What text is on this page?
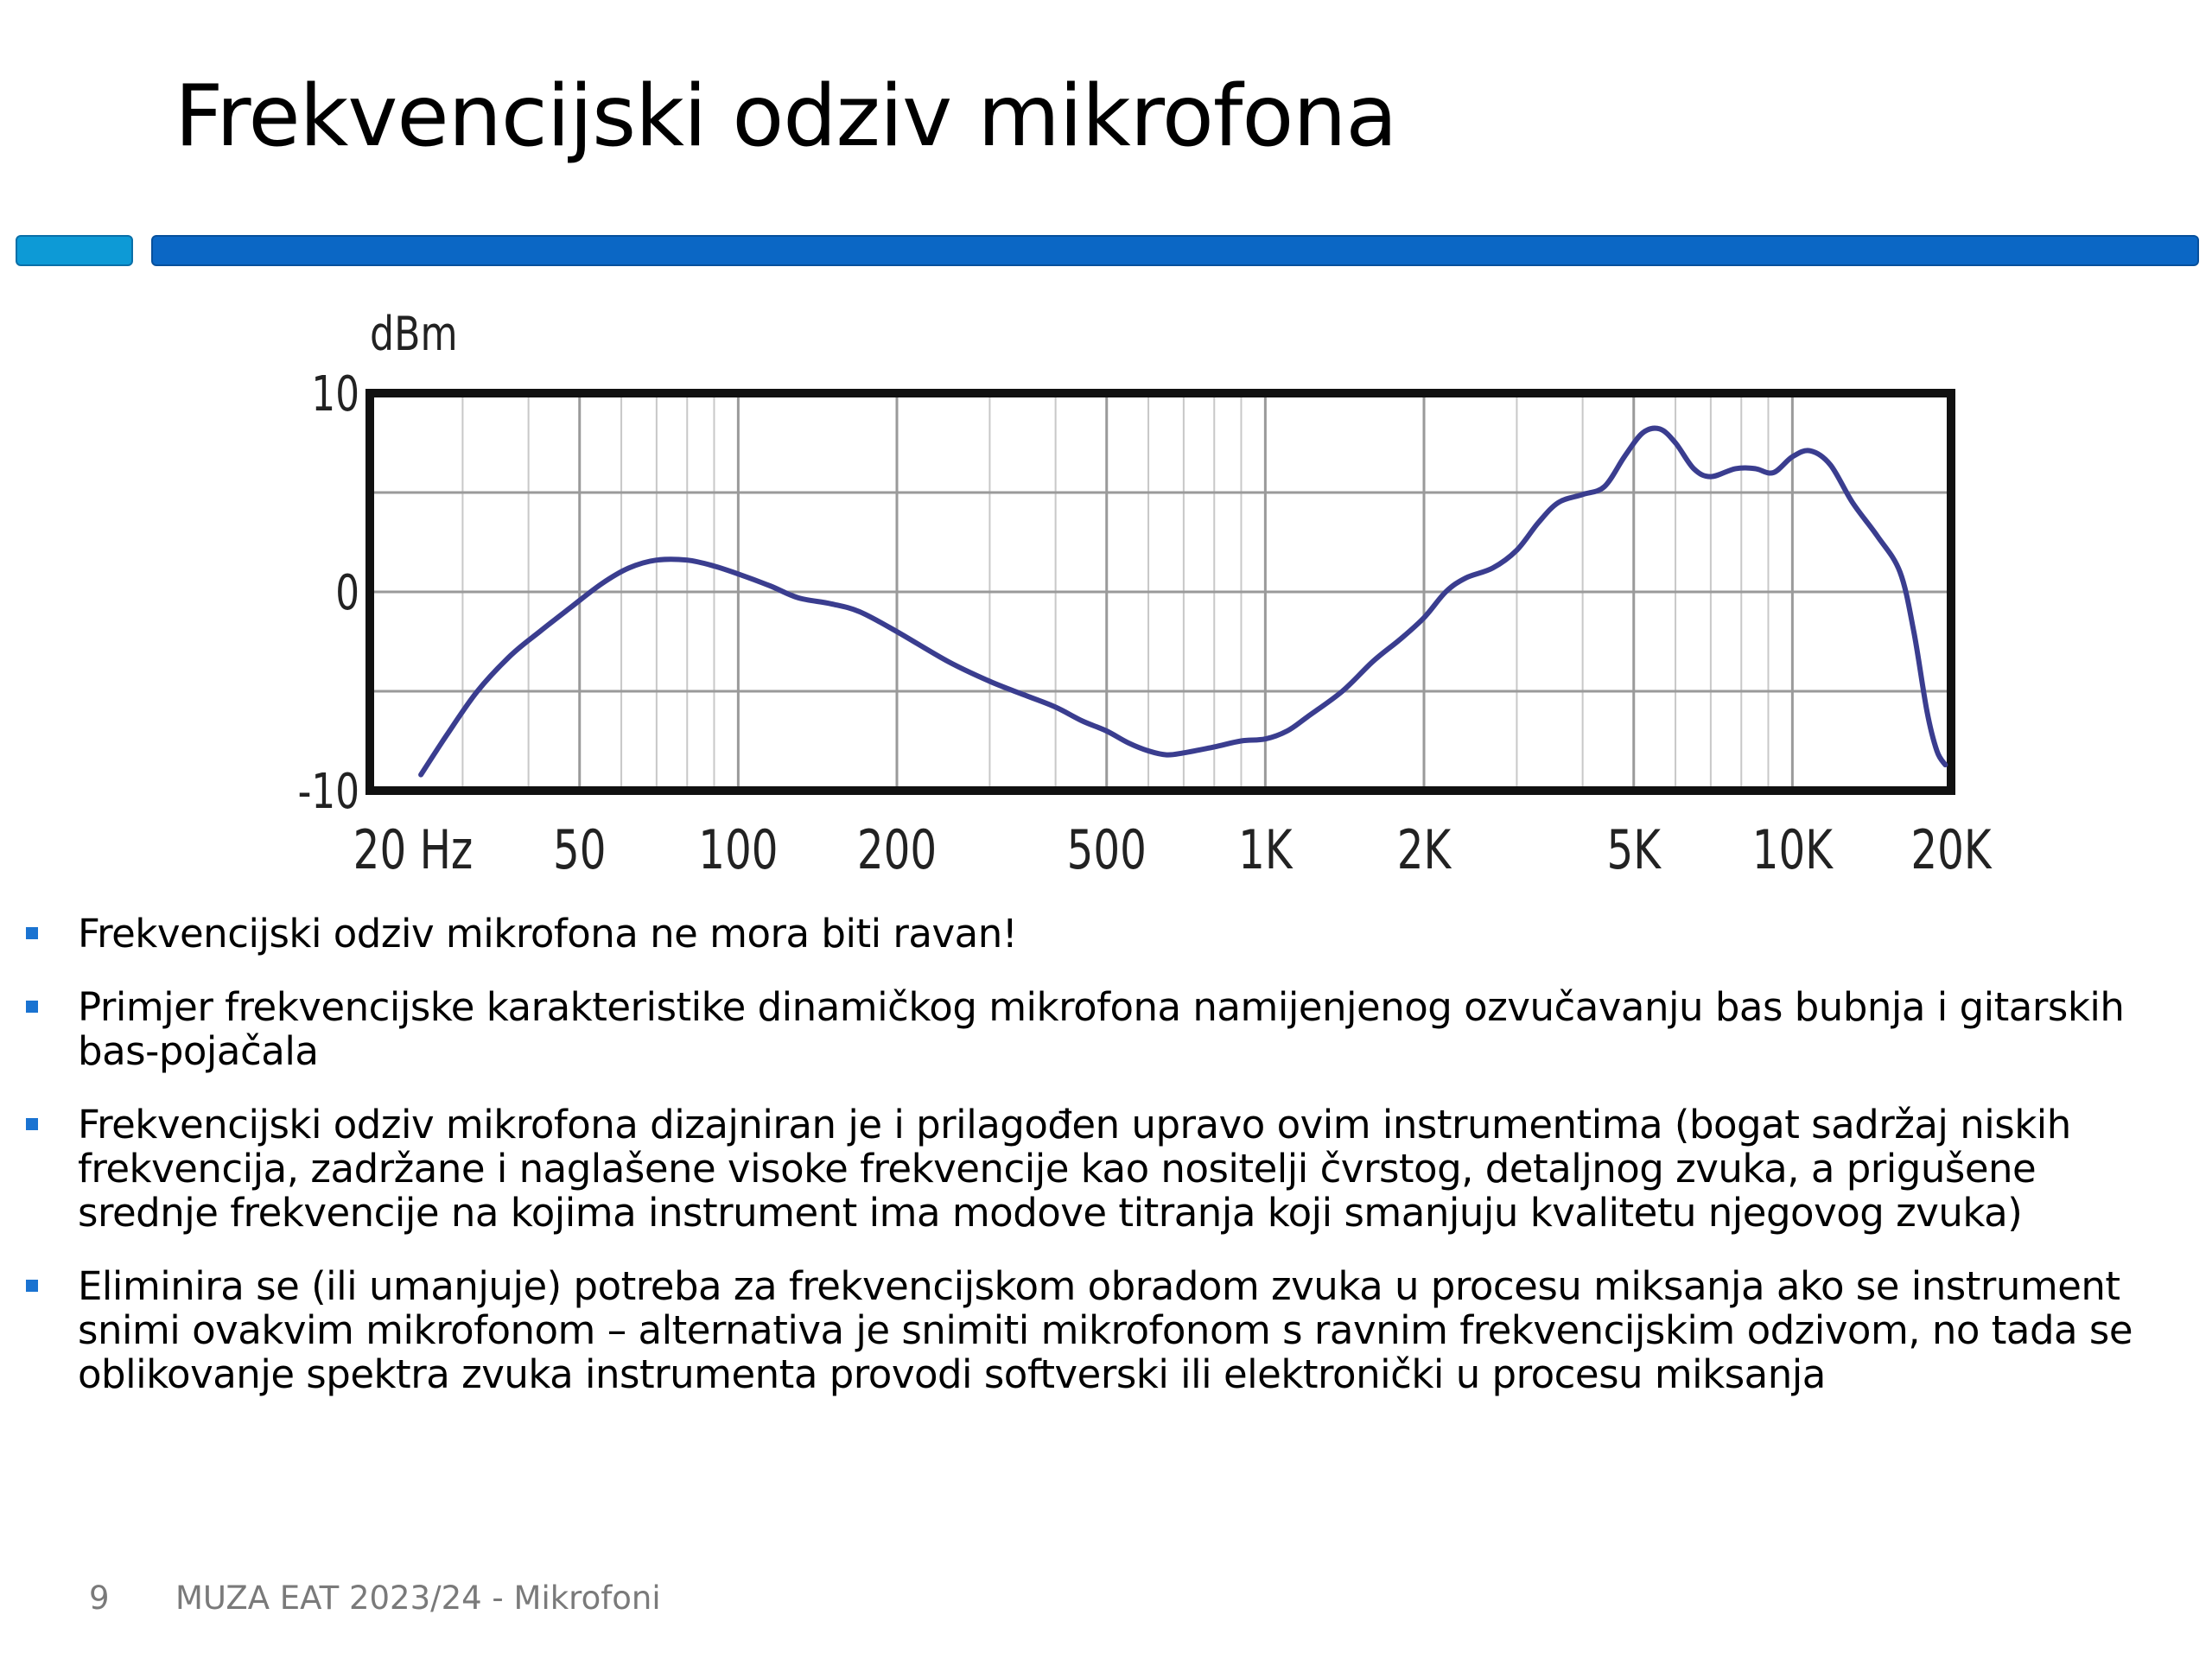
Frekvencijski odziv mikrofona
10
0
-10
20 Hz 50 100 200 500 1K 2K	5K 10K 20K
dBm
Frekvencijski odziv mikrofona ne mora biti ravan!
Primjer frekvencijske karakteristike dinamičkog mikrofona namijenjenog ozvučavanju bas bubnja i gitarskih bas-pojačala
Frekvencijski odziv mikrofona dizajniran je i prilagođen upravo ovim instrumentima (bogat sadržaj niskih frekvencija, zadržane i naglašene visoke frekvencije kao nositelji čvrstog, detaljnog zvuka, a prigušene srednje frekvencije na kojima instrument ima modove titranja koji smanjuju kvalitetu njegovog zvuka)
Eliminira se (ili umanjuje) potreba za frekvencijskom obradom zvuka u procesu miksanja ako se instrument snimi ovakvim mikrofonom – alternativa je snimiti mikrofonom s ravnim frekvencijskim odzivom, no tada se oblikovanje spektra zvuka instrumenta provodi softverski ili elektronički u procesu miksanja
9 MUZA EAT 2023/24 - Mikrofoni
